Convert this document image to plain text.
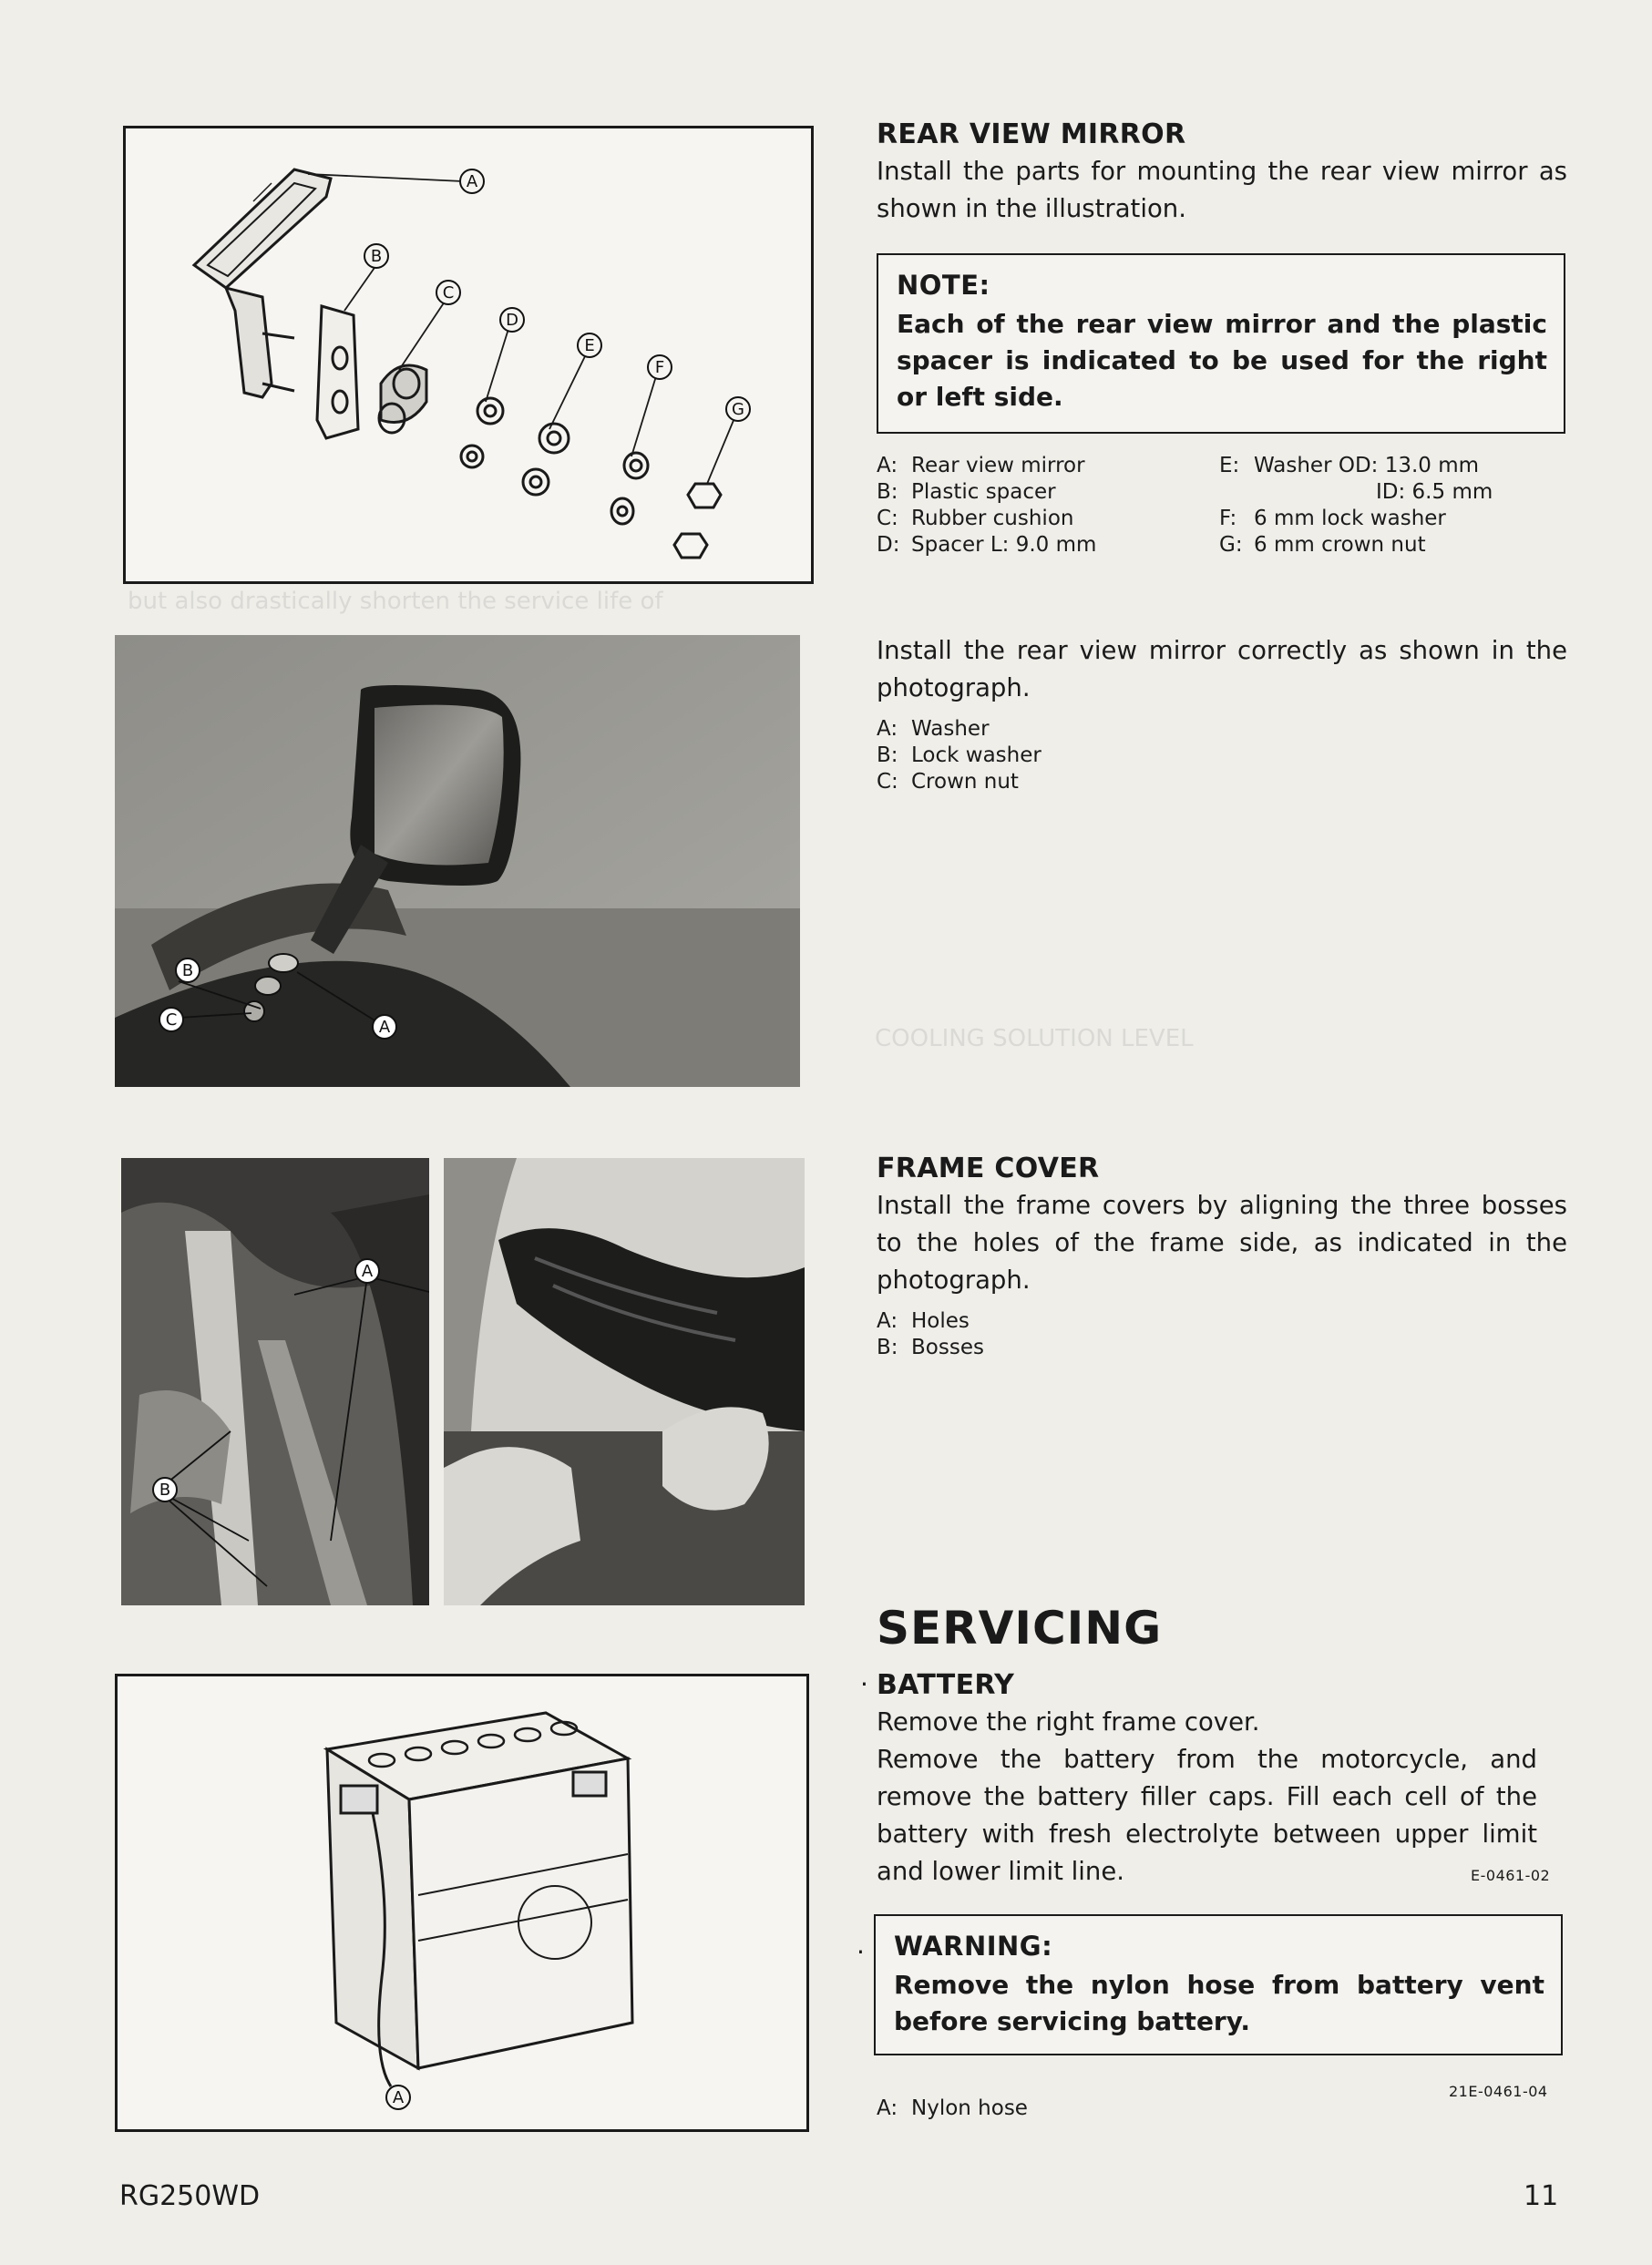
but also drastically shorten the service life of
COOLING SOLUTION LEVEL
A
B
C
D
E
F
G
B
C	A
A
B
A

REAR VIEW MIRROR

Install the parts for mounting the rear view mirror as shown in the illustration.

NOTE:

Each of the rear view mirror and the plastic spacer is indicated to be used for the right or left side.

A: Rear view mirror
B: Plastic spacer
C: Rubber cushion
D: Spacer L: 9.0 mm
E: Washer OD: 13.0 mm
ID: 6.5 mm
F: 6 mm lock washer
G: 6 mm crown nut

Install the rear view mirror correctly as shown in the photograph.

A: Washer
B: Lock washer
C: Crown nut

FRAME COVER

Install the frame covers by aligning the three bosses to the holes of the frame side, as indicated in the photograph.

A: Holes
B: Bosses

SERVICING

· BATTERY

Remove the right frame cover.

Remove the battery from the motorcycle, and remove the battery filler caps. Fill each cell of the battery with fresh electrolyte between upper limit and lower limit line.	E-0461-02
· WARNING:

Remove the nylon hose from battery vent before servicing battery.

21E-0461-04
A: Nylon hose
RG250WD	11
